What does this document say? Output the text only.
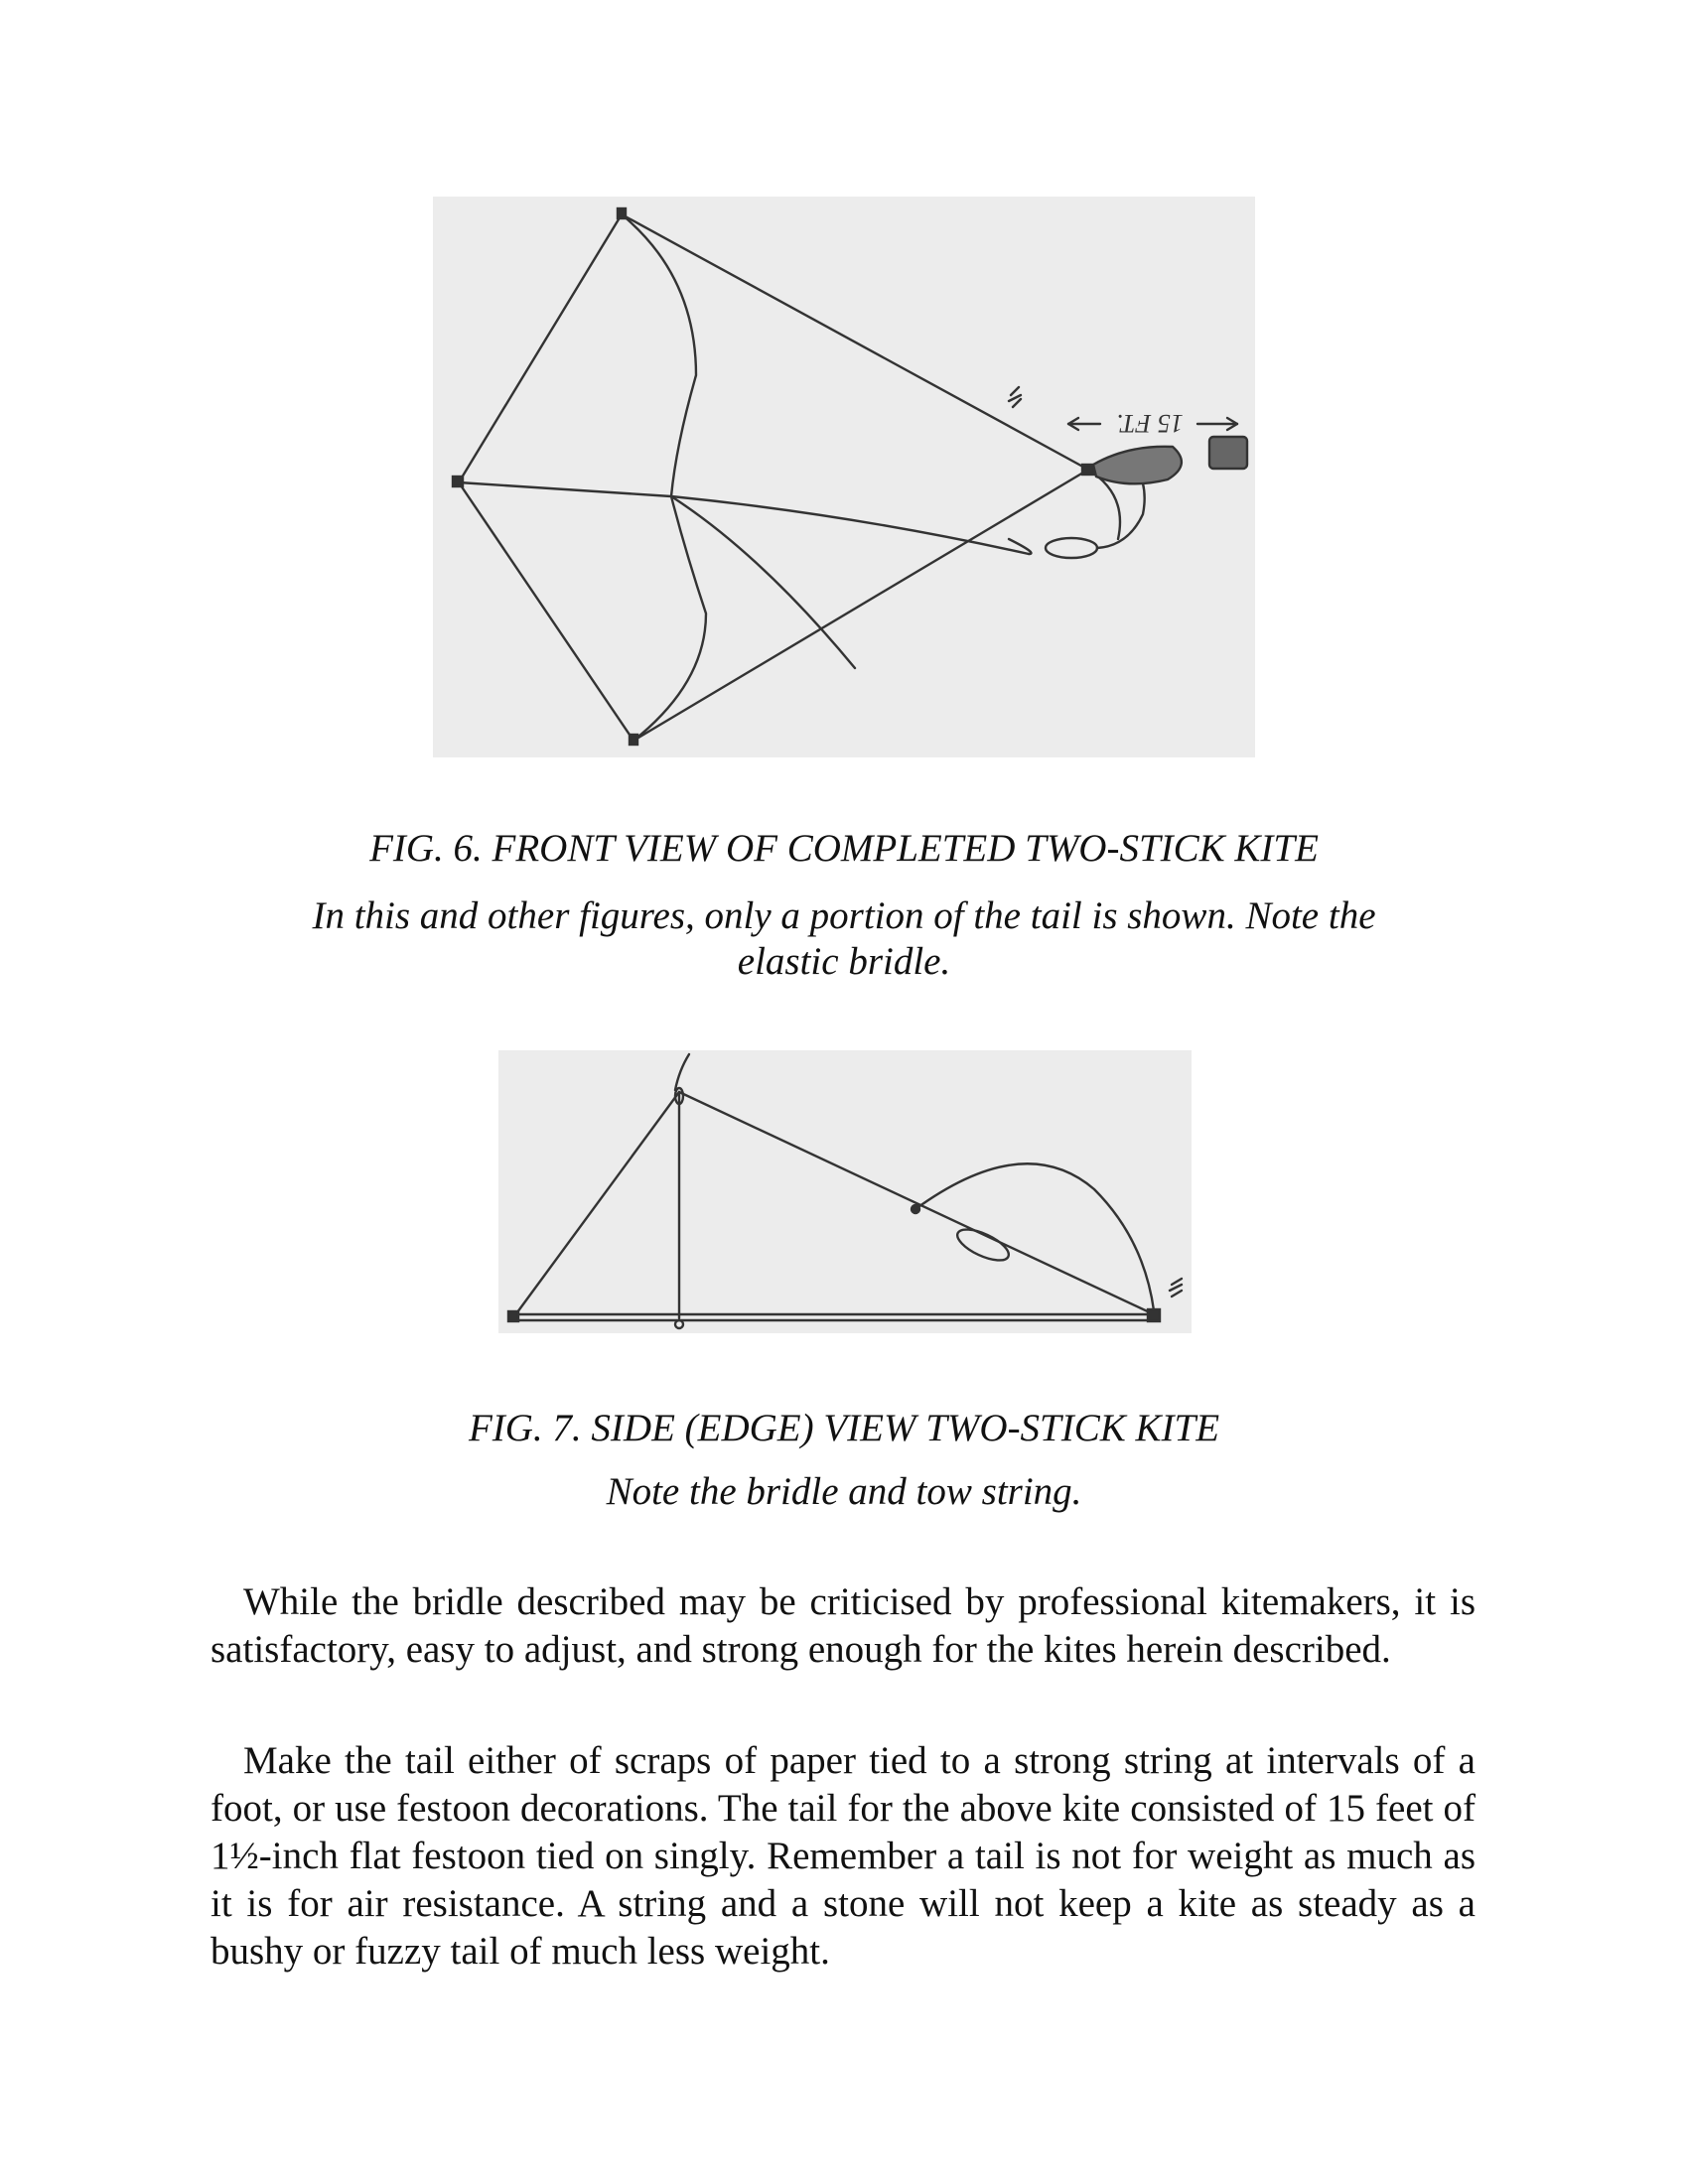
15 FT.

FIG. 6. FRONT VIEW OF COMPLETED TWO-STICK KITE

In this and other figures, only a portion of the tail is shown. Note the elastic bridle.

FIG. 7. SIDE (EDGE) VIEW TWO-STICK KITE

Note the bridle and tow string.

While the bridle described may be criticised by professional kitemakers, it is satisfactory, easy to adjust, and strong enough for the kites herein described.

Make the tail either of scraps of paper tied to a strong string at intervals of a foot, or use festoon decorations. The tail for the above kite consisted of 15 feet of 1½-inch flat festoon tied on singly. Remember a tail is not for weight as much as it is for air resistance. A string and a stone will not keep a kite as steady as a bushy or fuzzy tail of much less weight.
